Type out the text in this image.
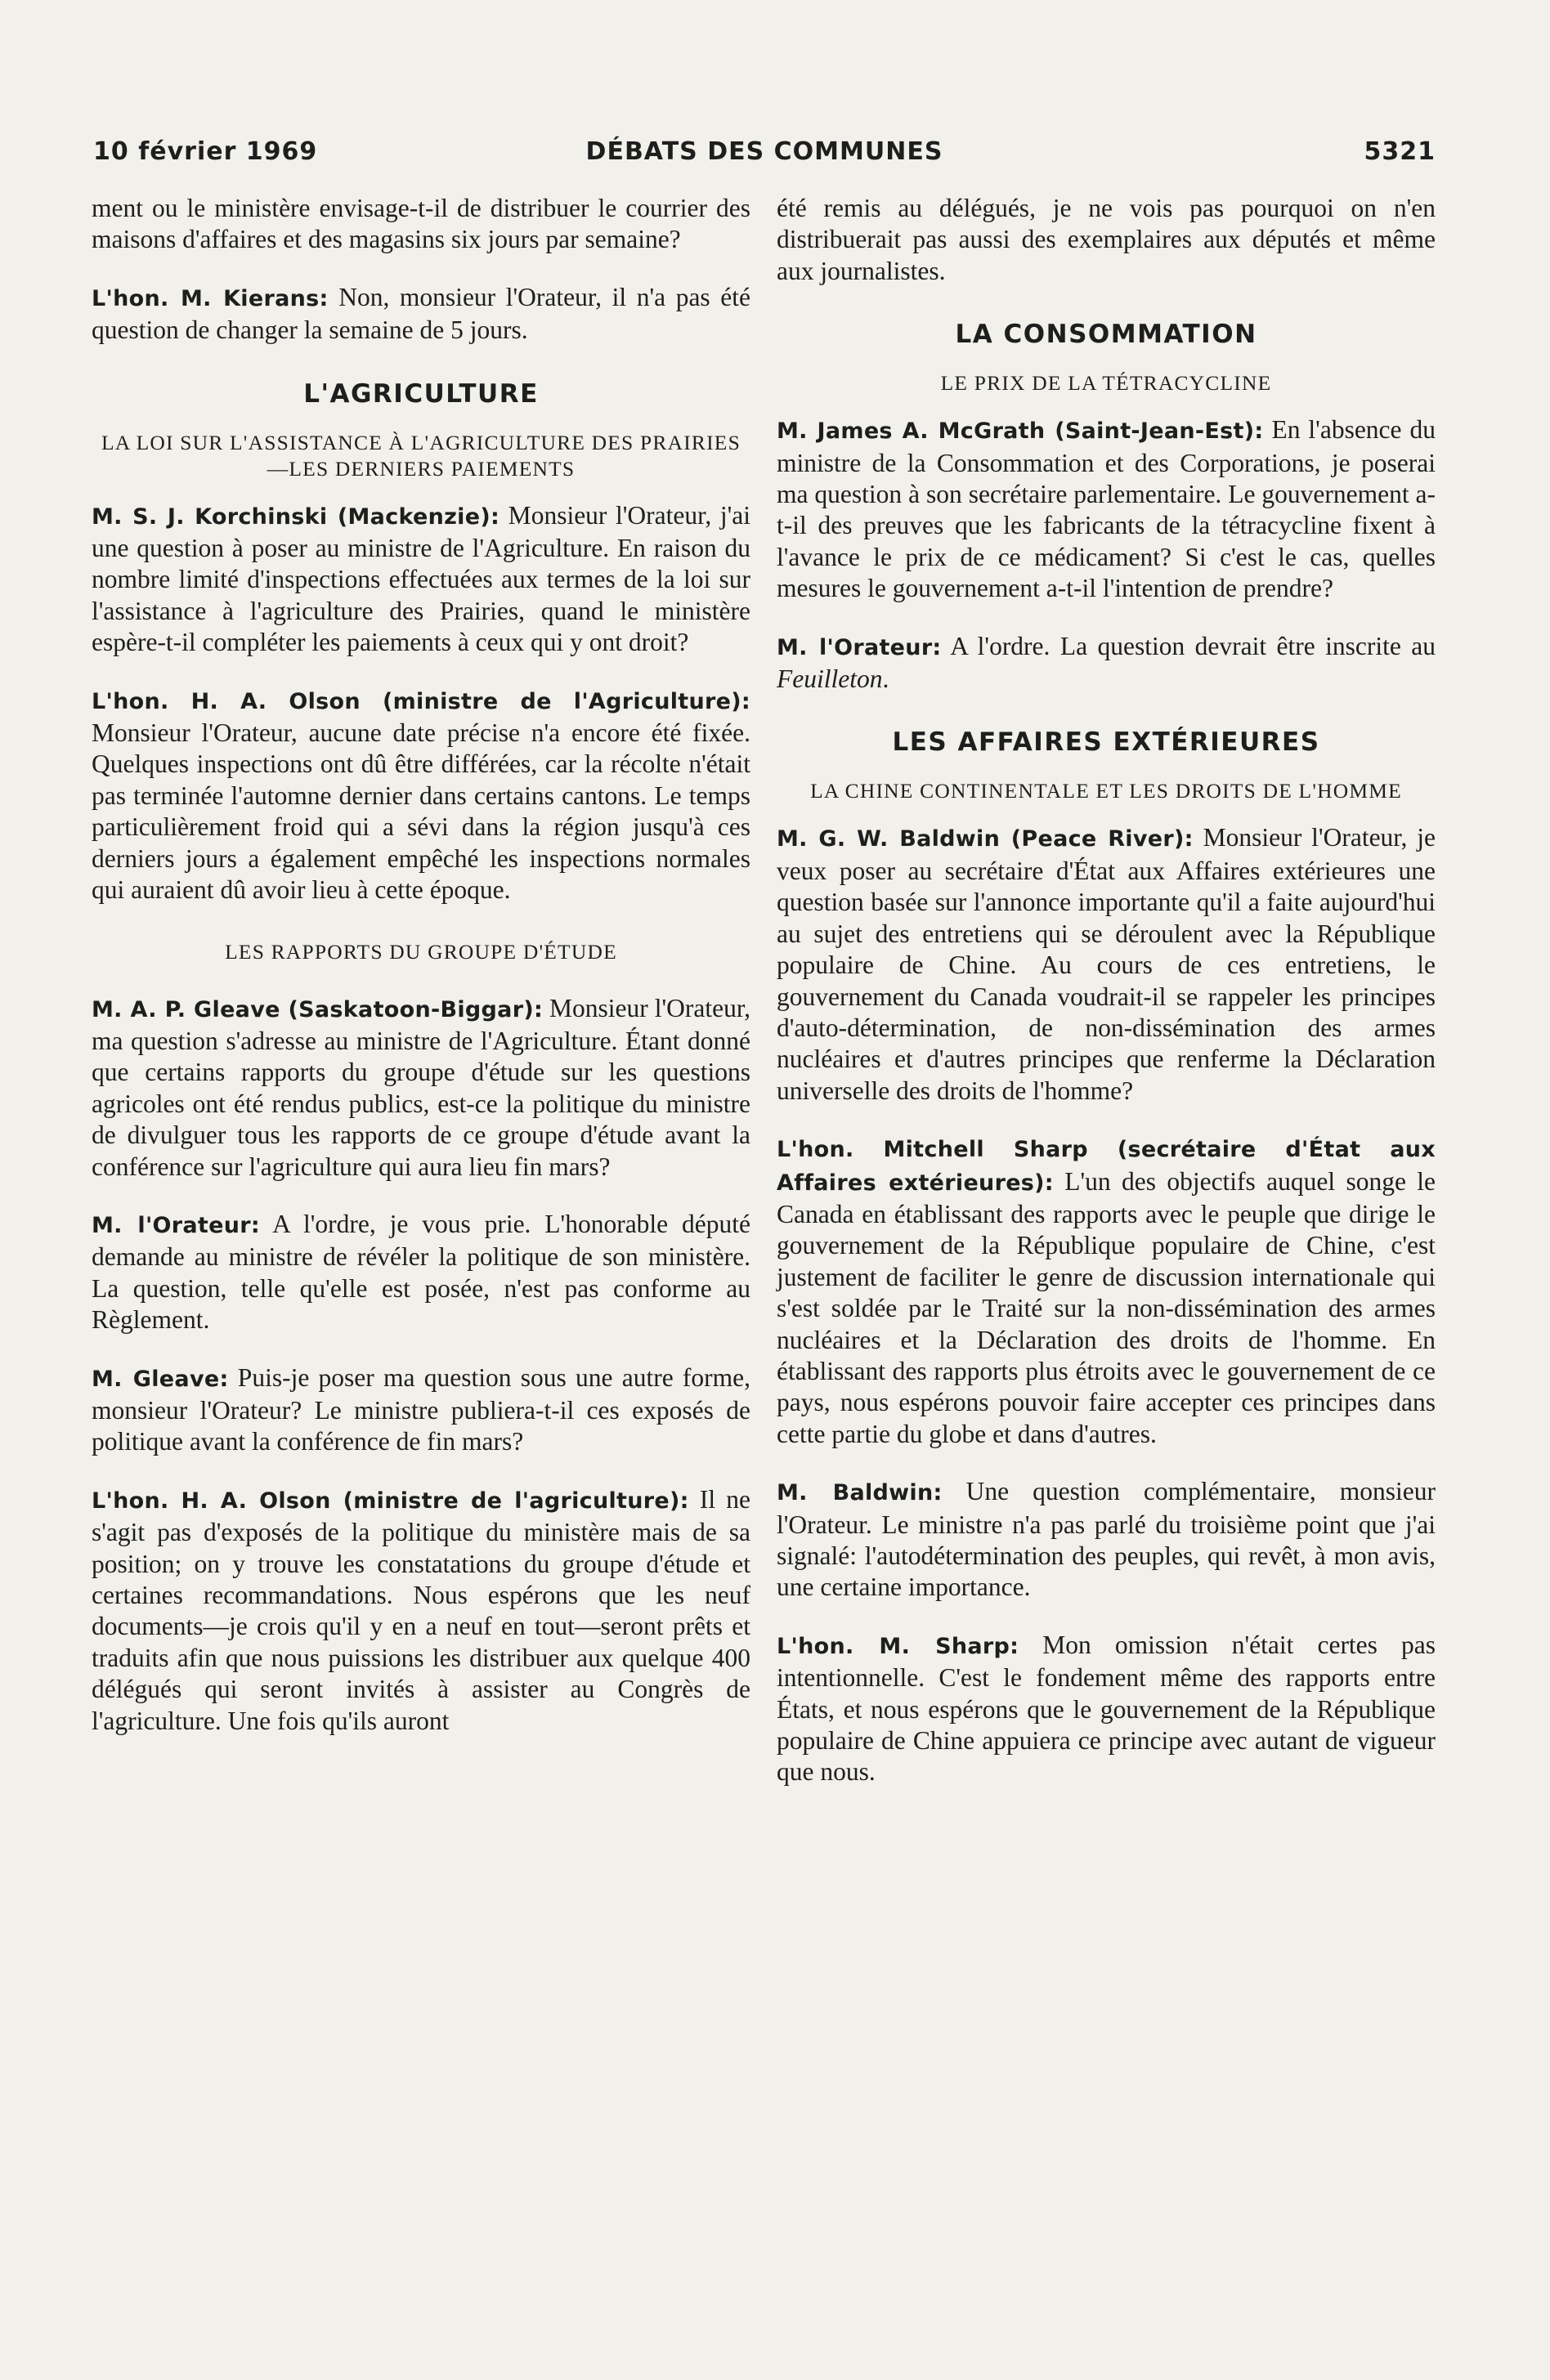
10 février 1969	DÉBATS DES COMMUNES	5321

ment ou le ministère envisage-t-il de distribuer le courrier des maisons d'affaires et des magasins six jours par semaine?

L'hon. M. Kierans: Non, monsieur l'Orateur, il n'a pas été question de changer la semaine de 5 jours.

L'AGRICULTURE
LA LOI SUR L'ASSISTANCE À L'AGRICULTURE DES PRAIRIES—LES DERNIERS PAIEMENTS

M. S. J. Korchinski (Mackenzie): Monsieur l'Orateur, j'ai une question à poser au ministre de l'Agriculture. En raison du nombre limité d'inspections effectuées aux termes de la loi sur l'assistance à l'agriculture des Prairies, quand le ministère espère-t-il compléter les paiements à ceux qui y ont droit?

L'hon. H. A. Olson (ministre de l'Agriculture): Monsieur l'Orateur, aucune date précise n'a encore été fixée. Quelques inspections ont dû être différées, car la récolte n'était pas terminée l'automne dernier dans certains cantons. Le temps particulièrement froid qui a sévi dans la région jusqu'à ces derniers jours a également empêché les inspections normales qui auraient dû avoir lieu à cette époque.

LES RAPPORTS DU GROUPE D'ÉTUDE

M. A. P. Gleave (Saskatoon-Biggar): Monsieur l'Orateur, ma question s'adresse au ministre de l'Agriculture. Étant donné que certains rapports du groupe d'étude sur les questions agricoles ont été rendus publics, est-ce la politique du ministre de divulguer tous les rapports de ce groupe d'étude avant la conférence sur l'agriculture qui aura lieu fin mars?

M. l'Orateur: A l'ordre, je vous prie. L'honorable député demande au ministre de révéler la politique de son ministère. La question, telle qu'elle est posée, n'est pas conforme au Règlement.

M. Gleave: Puis-je poser ma question sous une autre forme, monsieur l'Orateur? Le ministre publiera-t-il ces exposés de politique avant la conférence de fin mars?

L'hon. H. A. Olson (ministre de l'agriculture): Il ne s'agit pas d'exposés de la politique du ministère mais de sa position; on y trouve les constatations du groupe d'étude et certaines recommandations. Nous espérons que les neuf documents—je crois qu'il y en a neuf en tout—seront prêts et traduits afin que nous puissions les distribuer aux quelque 400 délégués qui seront invités à assister au Congrès de l'agriculture. Une fois qu'ils auront

été remis au délégués, je ne vois pas pourquoi on n'en distribuerait pas aussi des exemplaires aux députés et même aux journalistes.

LA CONSOMMATION
LE PRIX DE LA TÉTRACYCLINE

M. James A. McGrath (Saint-Jean-Est): En l'absence du ministre de la Consommation et des Corporations, je poserai ma question à son secrétaire parlementaire. Le gouvernement a-t-il des preuves que les fabricants de la tétracycline fixent à l'avance le prix de ce médicament? Si c'est le cas, quelles mesures le gouvernement a-t-il l'intention de prendre?

M. l'Orateur: A l'ordre. La question devrait être inscrite au Feuilleton.

LES AFFAIRES EXTÉRIEURES
LA CHINE CONTINENTALE ET LES DROITS DE L'HOMME

M. G. W. Baldwin (Peace River): Monsieur l'Orateur, je veux poser au secrétaire d'État aux Affaires extérieures une question basée sur l'annonce importante qu'il a faite aujourd'hui au sujet des entretiens qui se déroulent avec la République populaire de Chine. Au cours de ces entretiens, le gouvernement du Canada voudrait-il se rappeler les principes d'auto-détermination, de non-dissémination des armes nucléaires et d'autres principes que renferme la Déclaration universelle des droits de l'homme?

L'hon. Mitchell Sharp (secrétaire d'État aux Affaires extérieures): L'un des objectifs auquel songe le Canada en établissant des rapports avec le peuple que dirige le gouvernement de la République populaire de Chine, c'est justement de faciliter le genre de discussion internationale qui s'est soldée par le Traité sur la non-dissémination des armes nucléaires et la Déclaration des droits de l'homme. En établissant des rapports plus étroits avec le gouvernement de ce pays, nous espérons pouvoir faire accepter ces principes dans cette partie du globe et dans d'autres.

M. Baldwin: Une question complémentaire, monsieur l'Orateur. Le ministre n'a pas parlé du troisième point que j'ai signalé: l'autodétermination des peuples, qui revêt, à mon avis, une certaine importance.

L'hon. M. Sharp: Mon omission n'était certes pas intentionnelle. C'est le fondement même des rapports entre États, et nous espérons que le gouvernement de la République populaire de Chine appuiera ce principe avec autant de vigueur que nous.
